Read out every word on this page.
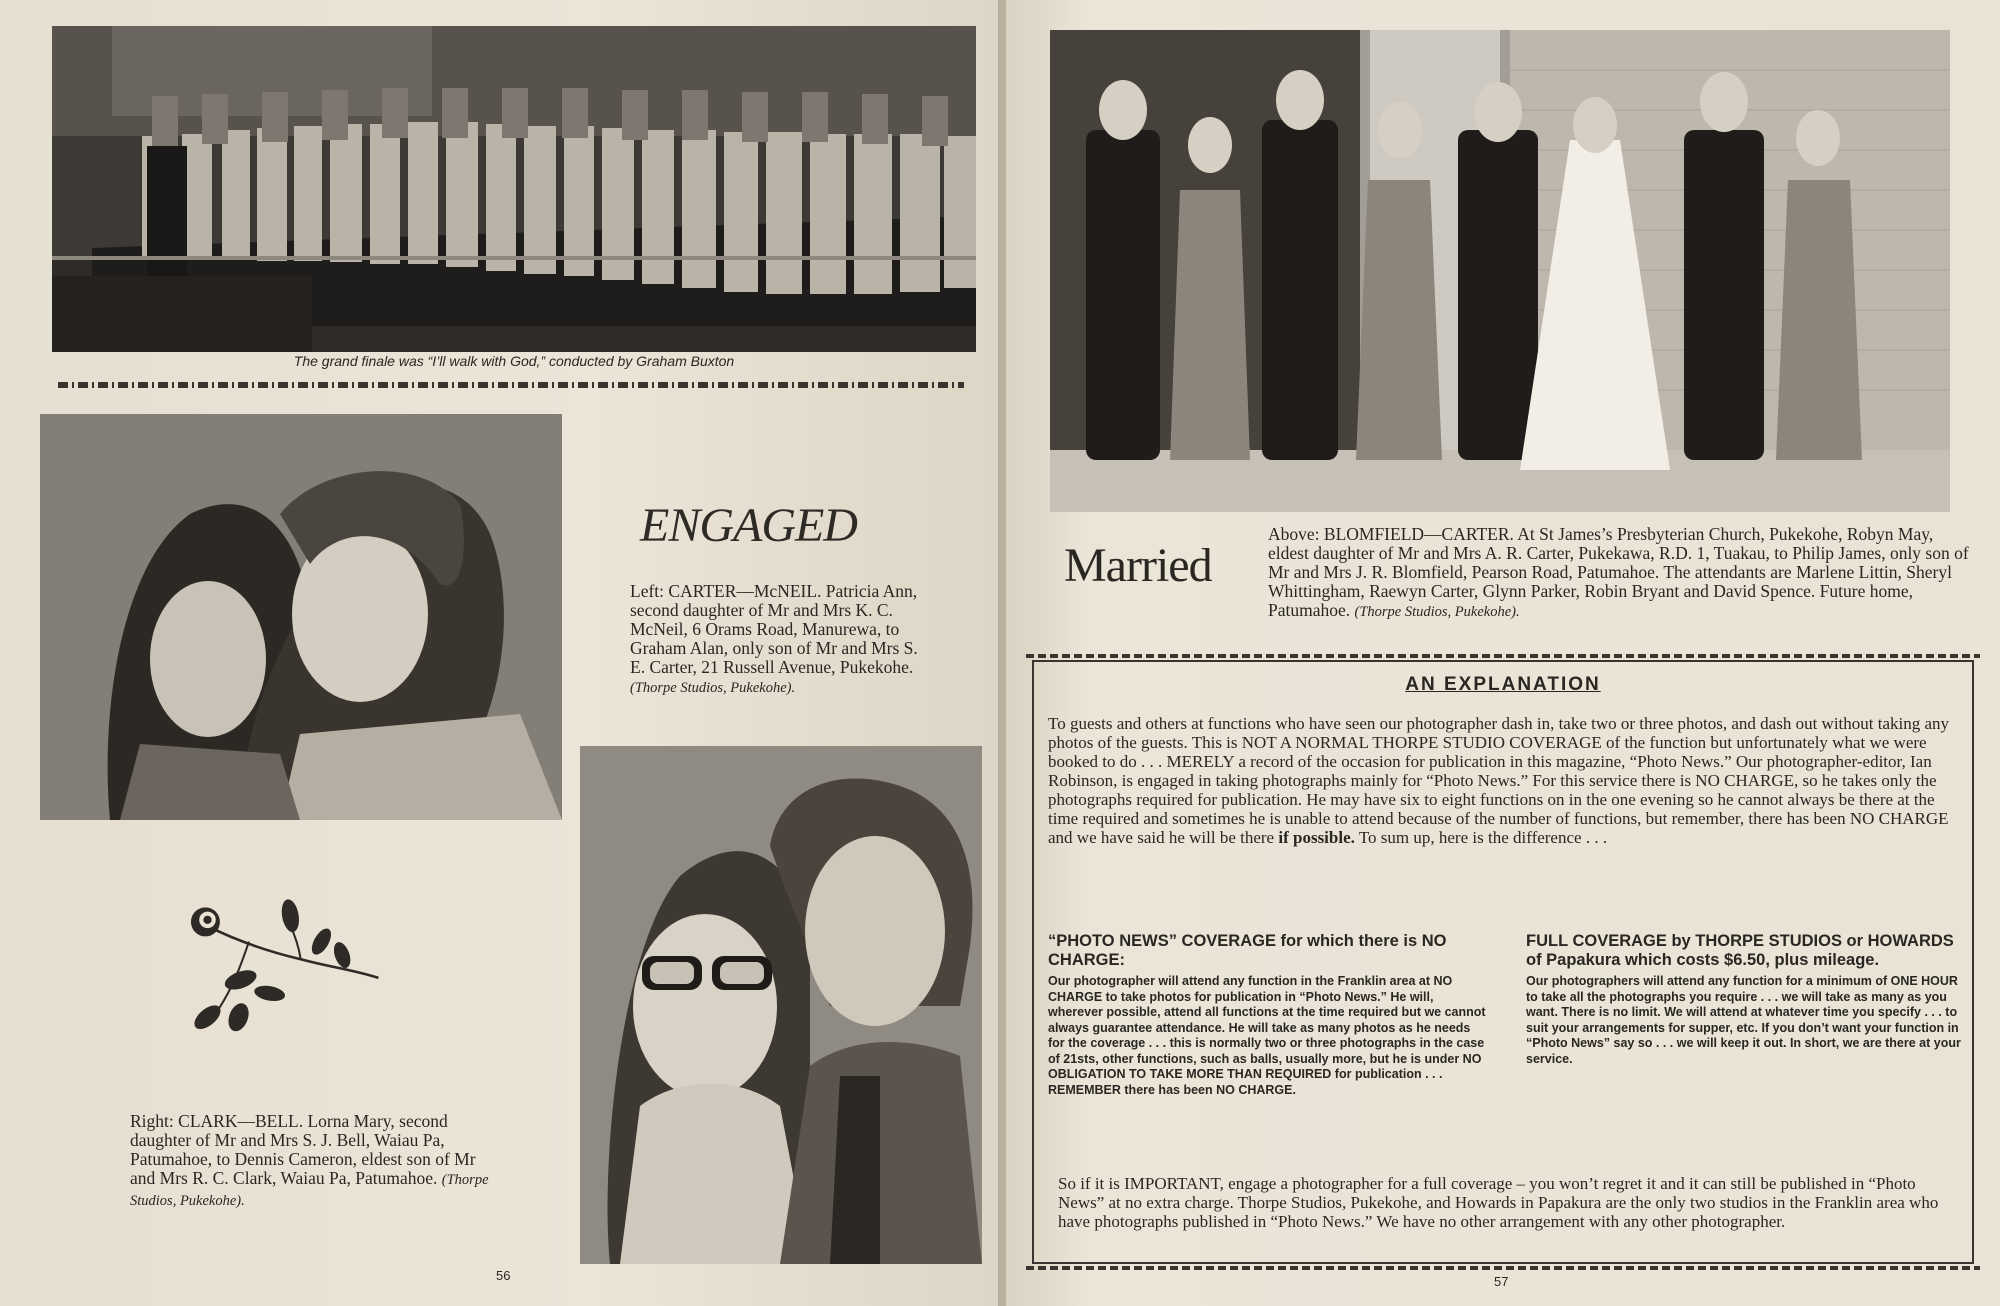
The grand finale was “I’ll walk with God,” conducted by Graham Buxton
ENGAGED
Left: CARTER—McNEIL. Patricia Ann, second daughter of Mr and Mrs K. C. McNeil, 6 Orams Road, Manurewa, to Graham Alan, only son of Mr and Mrs S. E. Carter, 21 Russell Avenue, Pukekohe. (Thorpe Studios, Pukekohe).
Right: CLARK—BELL. Lorna Mary, second daughter of Mr and Mrs S. J. Bell, Waiau Pa, Patumahoe, to Dennis Cameron, eldest son of Mr and Mrs R. C. Clark, Waiau Pa, Patumahoe. (Thorpe Studios, Pukekohe).
56
Married
Above: BLOMFIELD—CARTER. At St James’s Presbyterian Church, Pukekohe, Robyn May, eldest daughter of Mr and Mrs A. R. Carter, Pukekawa, R.D. 1, Tuakau, to Philip James, only son of Mr and Mrs J. R. Blomfield, Pearson Road, Patumahoe. The attendants are Marlene Littin, Sheryl Whittingham, Raewyn Carter, Glynn Parker, Robin Bryant and David Spence. Future home, Patumahoe. (Thorpe Studios, Pukekohe).
AN EXPLANATION

To guests and others at functions who have seen our photographer dash in, take two or three photos, and dash out without taking any photos of the guests. This is NOT A NORMAL THORPE STUDIO COVERAGE of the function but unfortunately what we were booked to do . . . MERELY a record of the occasion for publication in this magazine, “Photo News.” Our photographer-editor, Ian Robinson, is engaged in taking photographs mainly for “Photo News.” For this service there is NO CHARGE, so he takes only the photographs required for publication. He may have six to eight functions on in the one evening so he cannot always be there at the time required and sometimes he is unable to attend because of the number of functions, but remember, there has been NO CHARGE and we have said he will be there if possible. To sum up, here is the difference . . .

“PHOTO NEWS” COVERAGE for which there is NO CHARGE:

Our photographer will attend any function in the Franklin area at NO CHARGE to take photos for publication in “Photo News.” He will, wherever possible, attend all functions at the time required but we cannot always guarantee attendance. He will take as many photos as he needs for the coverage . . . this is normally two or three photographs in the case of 21sts, other functions, such as balls, usually more, but he is under NO OBLIGATION TO TAKE MORE THAN REQUIRED for publication . . . REMEMBER there has been NO CHARGE.

FULL COVERAGE by THORPE STUDIOS or HOWARDS of Papakura which costs $6.50, plus mileage.

Our photographers will attend any function for a minimum of ONE HOUR to take all the photographs you require . . . we will take as many as you want. There is no limit. We will attend at whatever time you specify . . . to suit your arrangements for supper, etc. If you don’t want your function in “Photo News” say so . . . we will keep it out. In short, we are there at your service.

So if it is IMPORTANT, engage a photographer for a full coverage – you won’t regret it and it can still be published in “Photo News” at no extra charge. Thorpe Studios, Pukekohe, and Howards in Papakura are the only two studios in the Franklin area who have photographs published in “Photo News.” We have no other arrangement with any other photographer.

57
